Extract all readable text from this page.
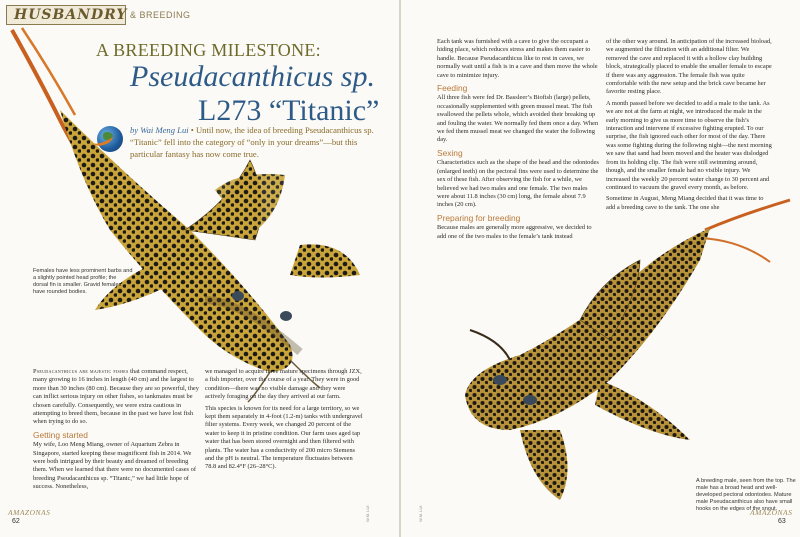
HUSBANDRY & BREEDING
A BREEDING MILESTONE:
Pseudacanthicus sp.
L273 “Titanic”
by Wai Meng Lui • Until now, the idea of breeding Pseudacanthicus sp. “Titanic” fell into the category of “only in your dreams”—but this particular fantasy has now come true.
Females have less prominent barbs and a slightly pointed head profile; the dorsal fin is smaller. Gravid females have rounded bodies.
A breeding male, seen from the top. The male has a broad head and well-developed pectoral odontodes. Mature male Pseudacanthicus also have small hooks on the edges of the snout.

Pseudacanthicus are majestic fishes that command respect, many growing to 16 inches in length (40 cm) and the largest to more than 30 inches (80 cm). Because they are so powerful, they can inflict serious injury on other fishes, so tankmates must be chosen carefully. Consequently, we were extra cautious in attempting to breed them, because in the past we have lost fish when trying to do so.

Getting started

My wife, Loo Meng Miang, owner of Aquarium Zebra in Singapore, started keeping these magnificent fish in 2014. We were both intrigued by their beauty and dreamed of breeding them. When we learned that there were no documented cases of breeding Pseudacanthicus sp. “Titanic,” we had little hope of success. Nonetheless,

we managed to acquire three mature specimens through JZX, a fish importer, over the course of a year. They were in good condition—there was no visible damage and they were actively foraging on the day they arrived at our farm.

This species is known for its need for a large territory, so we kept them separately in 4-foot (1.2-m) tanks with undergravel filter systems. Every week, we changed 20 percent of the water to keep it in pristine condition. Our farm uses aged tap water that has been stored overnight and then filtered with plants. The water has a conductivity of 200 micro Siemens and the pH is neutral. The temperature fluctuates between 78.8 and 82.4°F (26–28°C).

Each tank was furnished with a cave to give the occupant a hiding place, which reduces stress and makes them easier to handle. Because Pseudacanthicus like to rest in caves, we normally wait until a fish is in a cave and then move the whole cave to minimize injury.

Feeding

All three fish were fed Dr. Bassleer’s Biofish (large) pellets, occasionally supplemented with green mussel meat. The fish swallowed the pellets whole, which avoided their breaking up and fouling the water. We normally fed them once a day. When we fed them mussel meat we changed the water the following day.

Sexing

Characteristics such as the shape of the head and the odontodes (enlarged teeth) on the pectoral fins were used to determine the sex of these fish. After observing the fish for a while, we believed we had two males and one female. The two males were about 11.8 inches (30 cm) long, the female about 7.9 inches (20 cm).

Preparing for breeding

Because males are generally more aggressive, we decided to add one of the two males to the female’s tank instead

of the other way around. In anticipation of the increased bioload, we augmented the filtration with an additional filter. We removed the cave and replaced it with a hollow clay building block, strategically placed to enable the smaller female to escape if there was any aggression. The female fish was quite comfortable with the new setup and the brick cave became her favorite resting place.

A month passed before we decided to add a male to the tank. As we are not at the farm at night, we introduced the male in the early morning to give us more time to observe the fish’s interaction and intervene if excessive fighting erupted. To our surprise, the fish ignored each other for most of the day. There was some fighting during the following night—the next morning we saw that sand had been moved and the heater was dislodged from its holding clip. The fish were still swimming around, though, and the smaller female had no visible injury. We increased the weekly 20 percent water change to 30 percent and continued to vacuum the gravel every month, as before.

Sometime in August, Meng Miang decided that it was time to add a breeding cave to the tank. The one she

W.M. LUI	W.M. LUI
AMAZONAS	AMAZONAS
62	63
